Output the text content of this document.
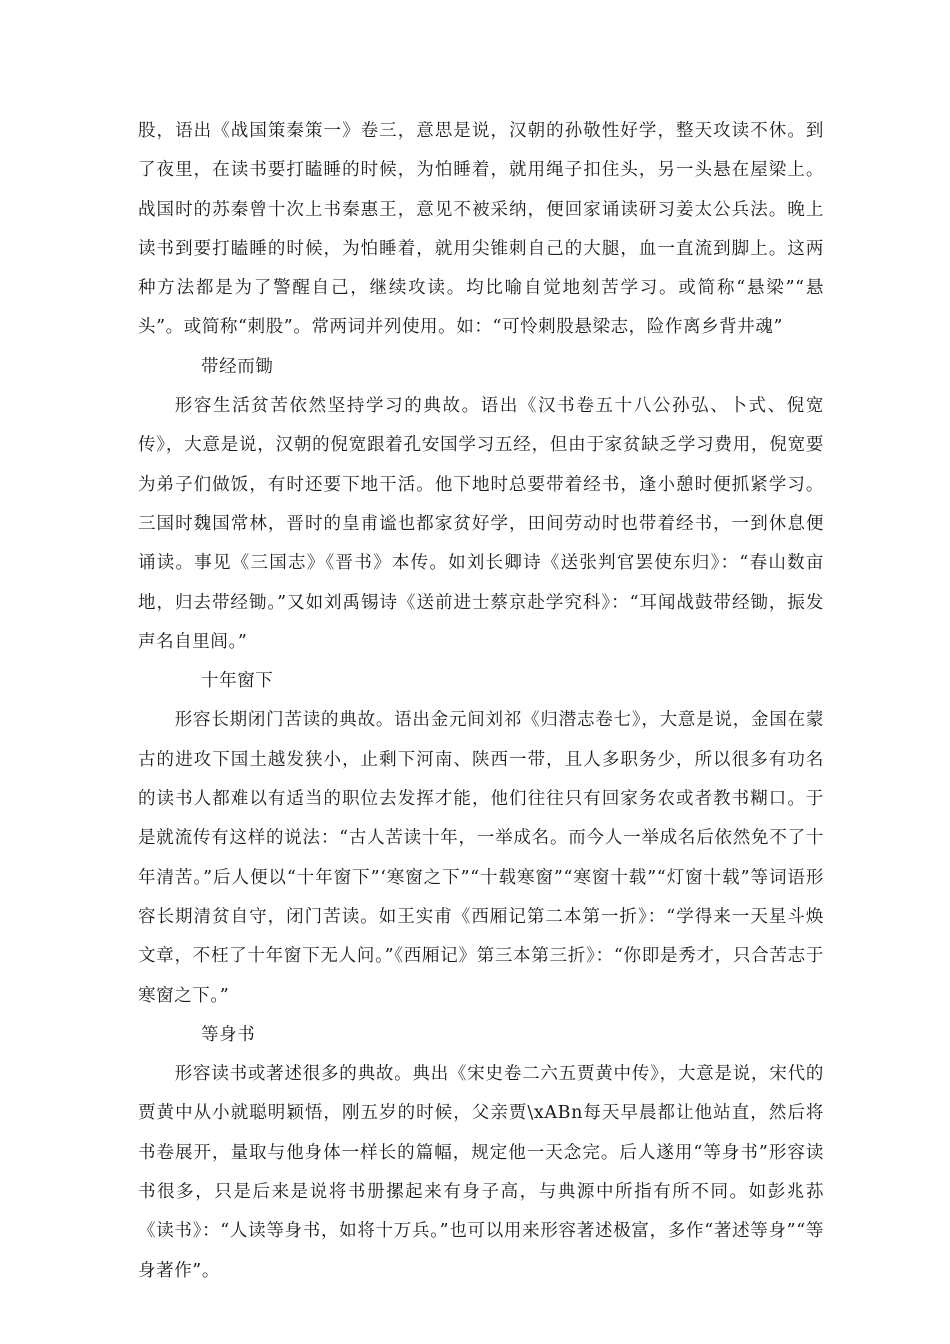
股，语出《战国策秦策一》卷三，意思是说，汉朝的孙敬性好学，整天攻读不休。到了夜里，在读书要打瞌睡的时候，为怕睡着，就用绳子扣住头，另一头悬在屋梁上。战国时的苏秦曾十次上书秦惠王，意见不被采纳，便回家诵读研习姜太公兵法。晚上读书到要打瞌睡的时候，为怕睡着，就用尖锥刺自己的大腿，血一直流到脚上。这两种方法都是为了警醒自己，继续攻读。均比喻自觉地刻苦学习。或简称“悬梁”“悬头”。或简称“刺股”。常两词并列使用。如：“可怜刺股悬梁志，险作离乡背井魂”

带经而锄

形容生活贫苦依然坚持学习的典故。语出《汉书卷五十八公孙弘、卜式、倪宽传》，大意是说，汉朝的倪宽跟着孔安国学习五经，但由于家贫缺乏学习费用，倪宽要为弟子们做饭，有时还要下地干活。他下地时总要带着经书，逢小憩时便抓紧学习。三国时魏国常林，晋时的皇甫谧也都家贫好学，田间劳动时也带着经书，一到休息便诵读。事见《三国志》《晋书》本传。如刘长卿诗《送张判官罢使东归》：“春山数亩地，归去带经锄。”又如刘禹锡诗《送前进士蔡京赴学究科》：“耳闻战鼓带经锄，振发声名自里闾。”

十年窗下

形容长期闭门苦读的典故。语出金元间刘祁《归潜志卷七》，大意是说，金国在蒙古的进攻下国土越发狭小，止剩下河南、陕西一带，且人多职务少，所以很多有功名的读书人都难以有适当的职位去发挥才能，他们往往只有回家务农或者教书糊口。于是就流传有这样的说法：“古人苦读十年，一举成名。而今人一举成名后依然免不了十年清苦。”后人便以“十年窗下”‘寒窗之下”“十载寒窗”“寒窗十载”“灯窗十载”等词语形容长期清贫自守，闭门苦读。如王实甫《西厢记第二本第一折》：“学得来一天星斗焕文章，不枉了十年窗下无人问。”《西厢记》第三本第三折》：“你即是秀才，只合苦志于寒窗之下。”

等身书

形容读书或著述很多的典故。典出《宋史卷二六五贾黄中传》，大意是说，宋代的贾黄中从小就聪明颖悟，刚五岁的时候，父亲贾\xABn每天早晨都让他站直，然后将书卷展开，量取与他身体一样长的篇幅，规定他一天念完。后人遂用“等身书”形容读书很多，只是后来是说将书册摞起来有身子高，与典源中所指有所不同。如彭兆荪《读书》：“人读等身书，如将十万兵。”也可以用来形容著述极富，多作“著述等身”“等身著作”。
